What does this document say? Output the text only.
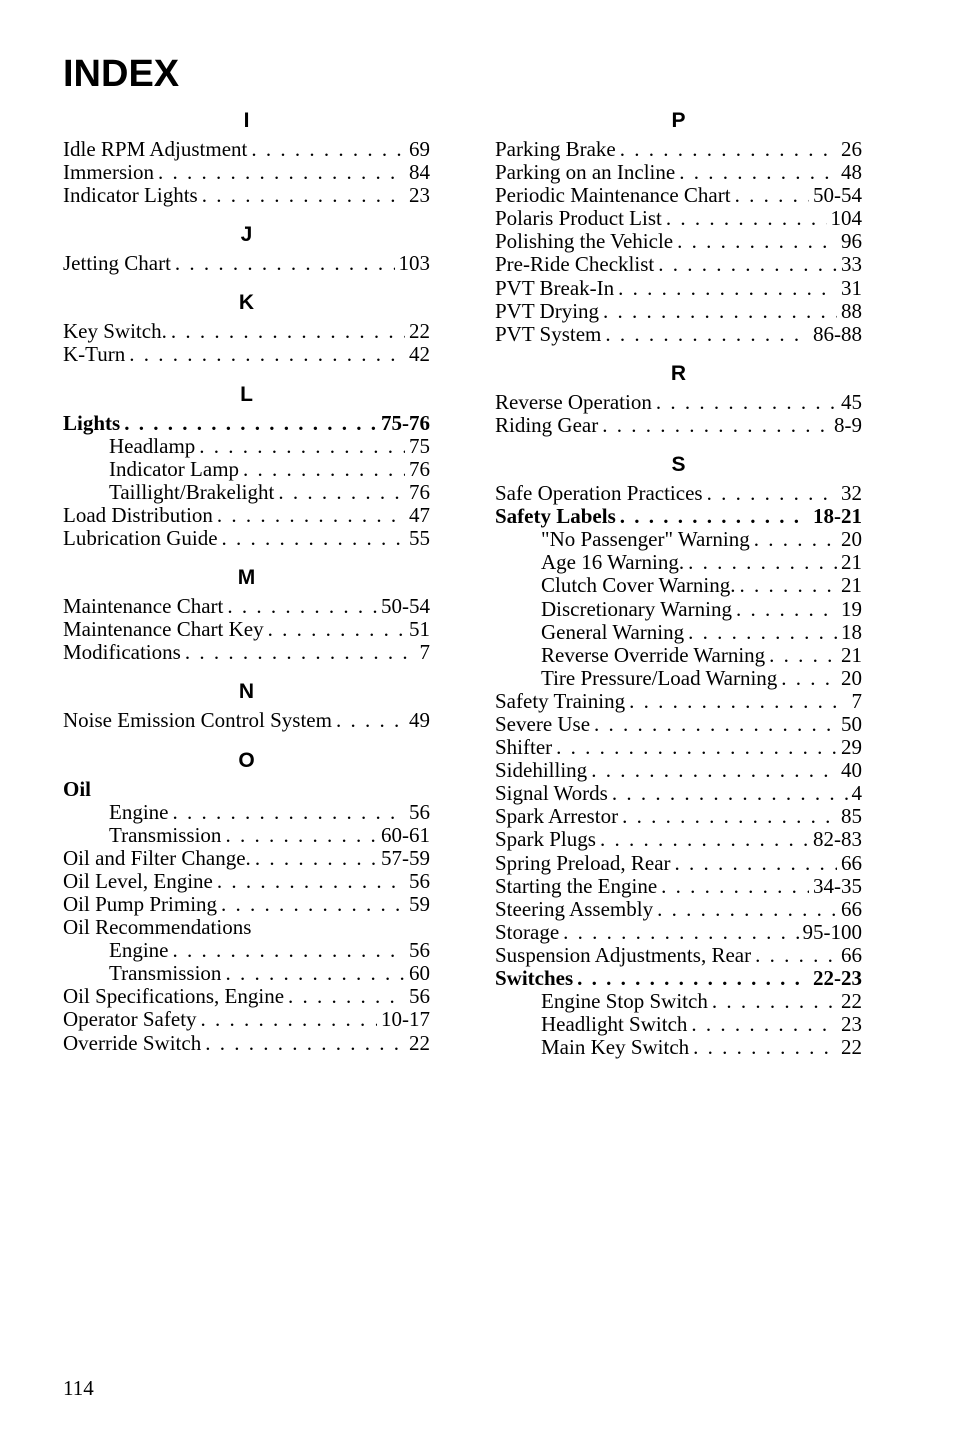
INDEX
I
Idle RPM Adjustment . . .	69
Immersion . . .	84
Indicator Lights . . .	23
J
Jetting Chart . . .	103
K
Key Switch. . . .	22
K-Turn . . .	42
L
Lights . . .	75-76
Headlamp . . .	75
Indicator Lamp . . .	76
Taillight/Brakelight . . .	76
Load Distribution . . .	47
Lubrication Guide . . .	55
M
Maintenance Chart . . .	50-54
Maintenance Chart Key . . .	51
Modifications . . .	7
N
Noise Emission Control System . . .	49
O
Oil
Engine . . .	56
Transmission . . .	60-61
Oil and Filter Change. . . .	57-59
Oil Level, Engine . . .	56
Oil Pump Priming . . .	59
Oil Recommendations
Engine . . .	56
Transmission . . .	60
Oil Specifications, Engine . . .	56
Operator Safety . . .	10-17
Override Switch . . .	22
P
Parking Brake . . .	26
Parking on an Incline . . .	48
Periodic Maintenance Chart . . .	50-54
Polaris Product List . . .	104
Polishing the Vehicle . . .	96
Pre-Ride Checklist . . .	33
PVT Break-In . . .	31
PVT Drying . . .	88
PVT System . . .	86-88
R
Reverse Operation . . .	45
Riding Gear . . .	8-9
S
Safe Operation Practices . . .	32
Safety Labels . . .	18-21
"No Passenger" Warning . . .	20
Age 16 Warning. . . .	21
Clutch Cover Warning. . . .	21
Discretionary Warning . . .	19
General Warning . . .	18
Reverse Override Warning . . .	21
Tire Pressure/Load Warning . . .	20
Safety Training . . .	7
Severe Use . . .	50
Shifter . . .	29
Sidehilling . . .	40
Signal Words . . .	4
Spark Arrestor . . .	85
Spark Plugs . . .	82-83
Spring Preload, Rear . . .	66
Starting the Engine . . .	34-35
Steering Assembly . . .	66
Storage . . .	95-100
Suspension Adjustments, Rear . . .	66
Switches . . .	22-23
Engine Stop Switch . . .	22
Headlight Switch . . .	23
Main Key Switch . . .	22
114
